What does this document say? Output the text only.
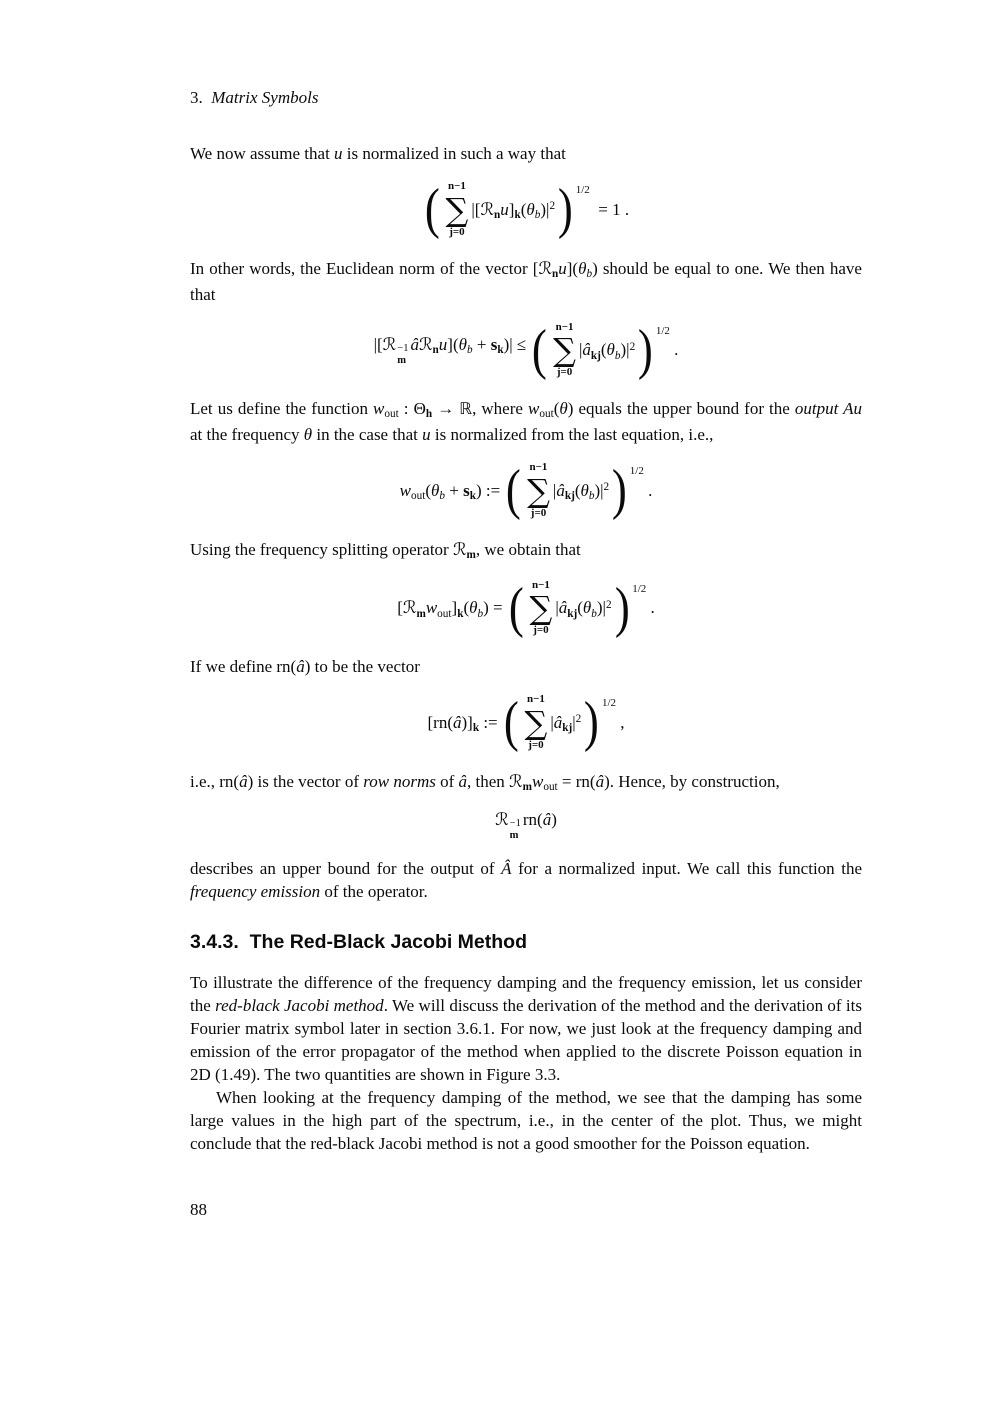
3.  Matrix Symbols

We now assume that u is normalized in such a way that

( n−1
∑
j=0
$|[ℛnu]k(\theta b)|^2$ ) 1/2
= 1 .

In other words, the Euclidean norm of the vector [ℛnu](θb) should be equal to one. We then have that

|[ℛ −1
m
âℛnu](θb + sk)| ≤ ( n−1
∑
j=0
$|âkj(\theta b)|^2$ ) 1/2
.

Let us define the function wout : Θh → ℝ, where wout(θ) equals the upper bound for the output Au at the frequency θ in the case that u is normalized from the last equation, i.e.,

wout(θb + sk) := ( n−1
∑
j=0
$|âkj(\theta b)|^2$ ) 1/2
.

Using the frequency splitting operator ℛm, we obtain that

[ℛmwout]k(θb) = ( n−1
∑
j=0
$|âkj(\theta b)|^2$ ) 1/2
.

If we define rn(â) to be the vector

[rn(â)]k := ( n−1
∑
j=0
$|âkj|^2$ ) 1/2
,

i.e., rn(â) is the vector of row norms of â, then ℛmwout = rn(â). Hence, by construction,

ℛ −1
m
rn(â)

describes an upper bound for the output of Â for a normalized input. We call this function the frequency emission of the operator.

3.4.3.  The Red-Black Jacobi Method

To illustrate the difference of the frequency damping and the frequency emission, let us consider the red-black Jacobi method. We will discuss the derivation of the method and the derivation of its Fourier matrix symbol later in section 3.6.1. For now, we just look at the frequency damping and emission of the error propagator of the method when applied to the discrete Poisson equation in 2D (1.49). The two quantities are shown in Figure 3.3.

When looking at the frequency damping of the method, we see that the damping has some large values in the high part of the spectrum, i.e., in the center of the plot. Thus, we might conclude that the red-black Jacobi method is not a good smoother for the Poisson equation.

88
